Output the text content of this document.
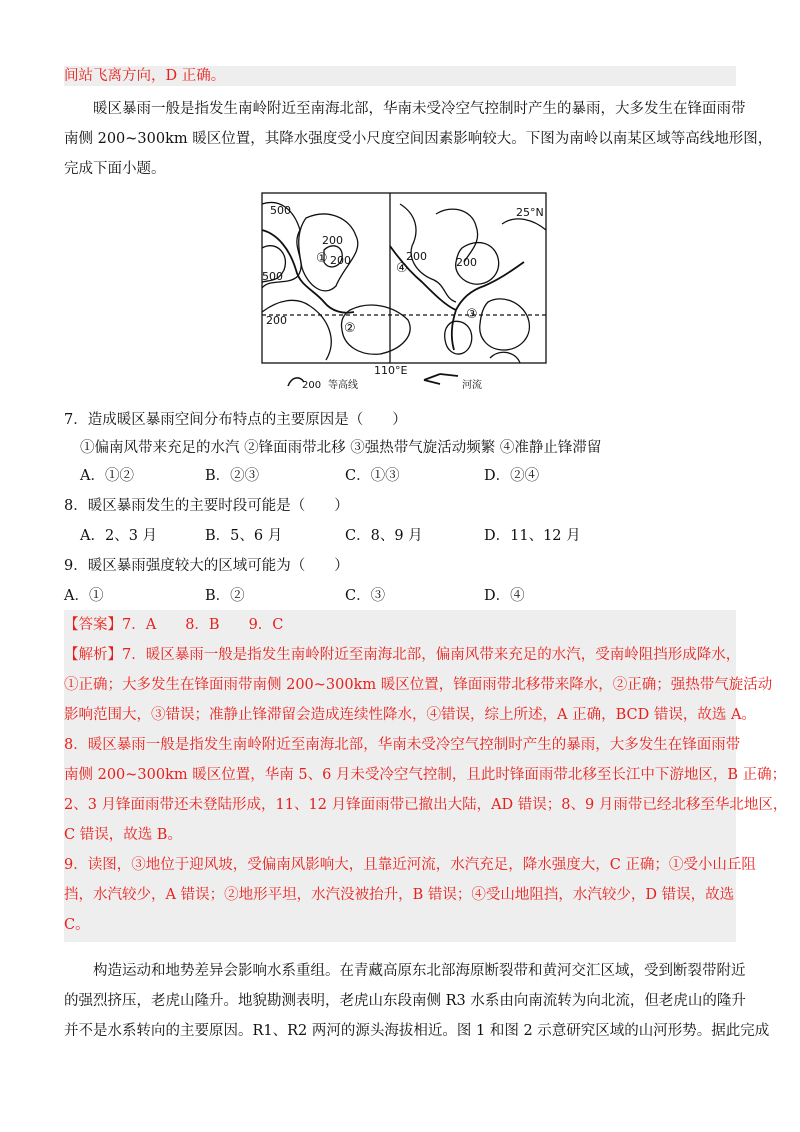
间站飞离方向，D 正确。

暖区暴雨一般是指发生南岭附近至南海北部，华南未受冷空气控制时产生的暴雨，大多发生在锋面雨带

南侧 200~300km 暖区位置，其降水强度受小尺度空间因素影响较大。下图为南岭以南某区域等高线地形图，

完成下面小题。

500
500
200
200
200
200	200
25°N
110°E
①
②
③
④
200 等高线	河流
7．造成暖区暴雨空间分布特点的主要原因是（　　）
①偏南风带来充足的水汽 ②锋面雨带北移 ③强热带气旋活动频繁 ④准静止锋滞留
A．①②	B．②③	C．①③	D．②④
8．暖区暴雨发生的主要时段可能是（　　）
A．2、3 月	B．5、6 月	C．8、9 月	D．11、12 月
9．暖区暴雨强度较大的区域可能为（　　）
A．①	B．②	C．③	D．④

【答案】7．A　　8．B　　9．C

【解析】7．暖区暴雨一般是指发生南岭附近至南海北部，偏南风带来充足的水汽，受南岭阻挡形成降水，

①正确；大多发生在锋面雨带南侧 200~300km 暖区位置，锋面雨带北移带来降水，②正确；强热带气旋活动

影响范围大，③错误；准静止锋滞留会造成连续性降水，④错误，综上所述，A 正确，BCD 错误，故选 A。

8．暖区暴雨一般是指发生南岭附近至南海北部，华南未受冷空气控制时产生的暴雨，大多发生在锋面雨带

南侧 200~300km 暖区位置，华南 5、6 月未受冷空气控制，且此时锋面雨带北移至长江中下游地区，B 正确；

2、3 月锋面雨带还未登陆形成，11、12 月锋面雨带已撤出大陆，AD 错误；8、9 月雨带已经北移至华北地区，

C 错误，故选 B。

9．读图，③地位于迎风坡，受偏南风影响大，且靠近河流，水汽充足，降水强度大，C 正确；①受小山丘阻

挡，水汽较少，A 错误；②地形平坦，水汽没被抬升，B 错误；④受山地阻挡，水汽较少，D 错误，故选

C。

构造运动和地势差异会影响水系重组。在青藏高原东北部海原断裂带和黄河交汇区域，受到断裂带附近

的强烈挤压，老虎山隆升。地貌勘测表明，老虎山东段南侧 R3 水系由向南流转为向北流，但老虎山的隆升

并不是水系转向的主要原因。R1、R2 两河的源头海拔相近。图 1 和图 2 示意研究区域的山河形势。据此完成
